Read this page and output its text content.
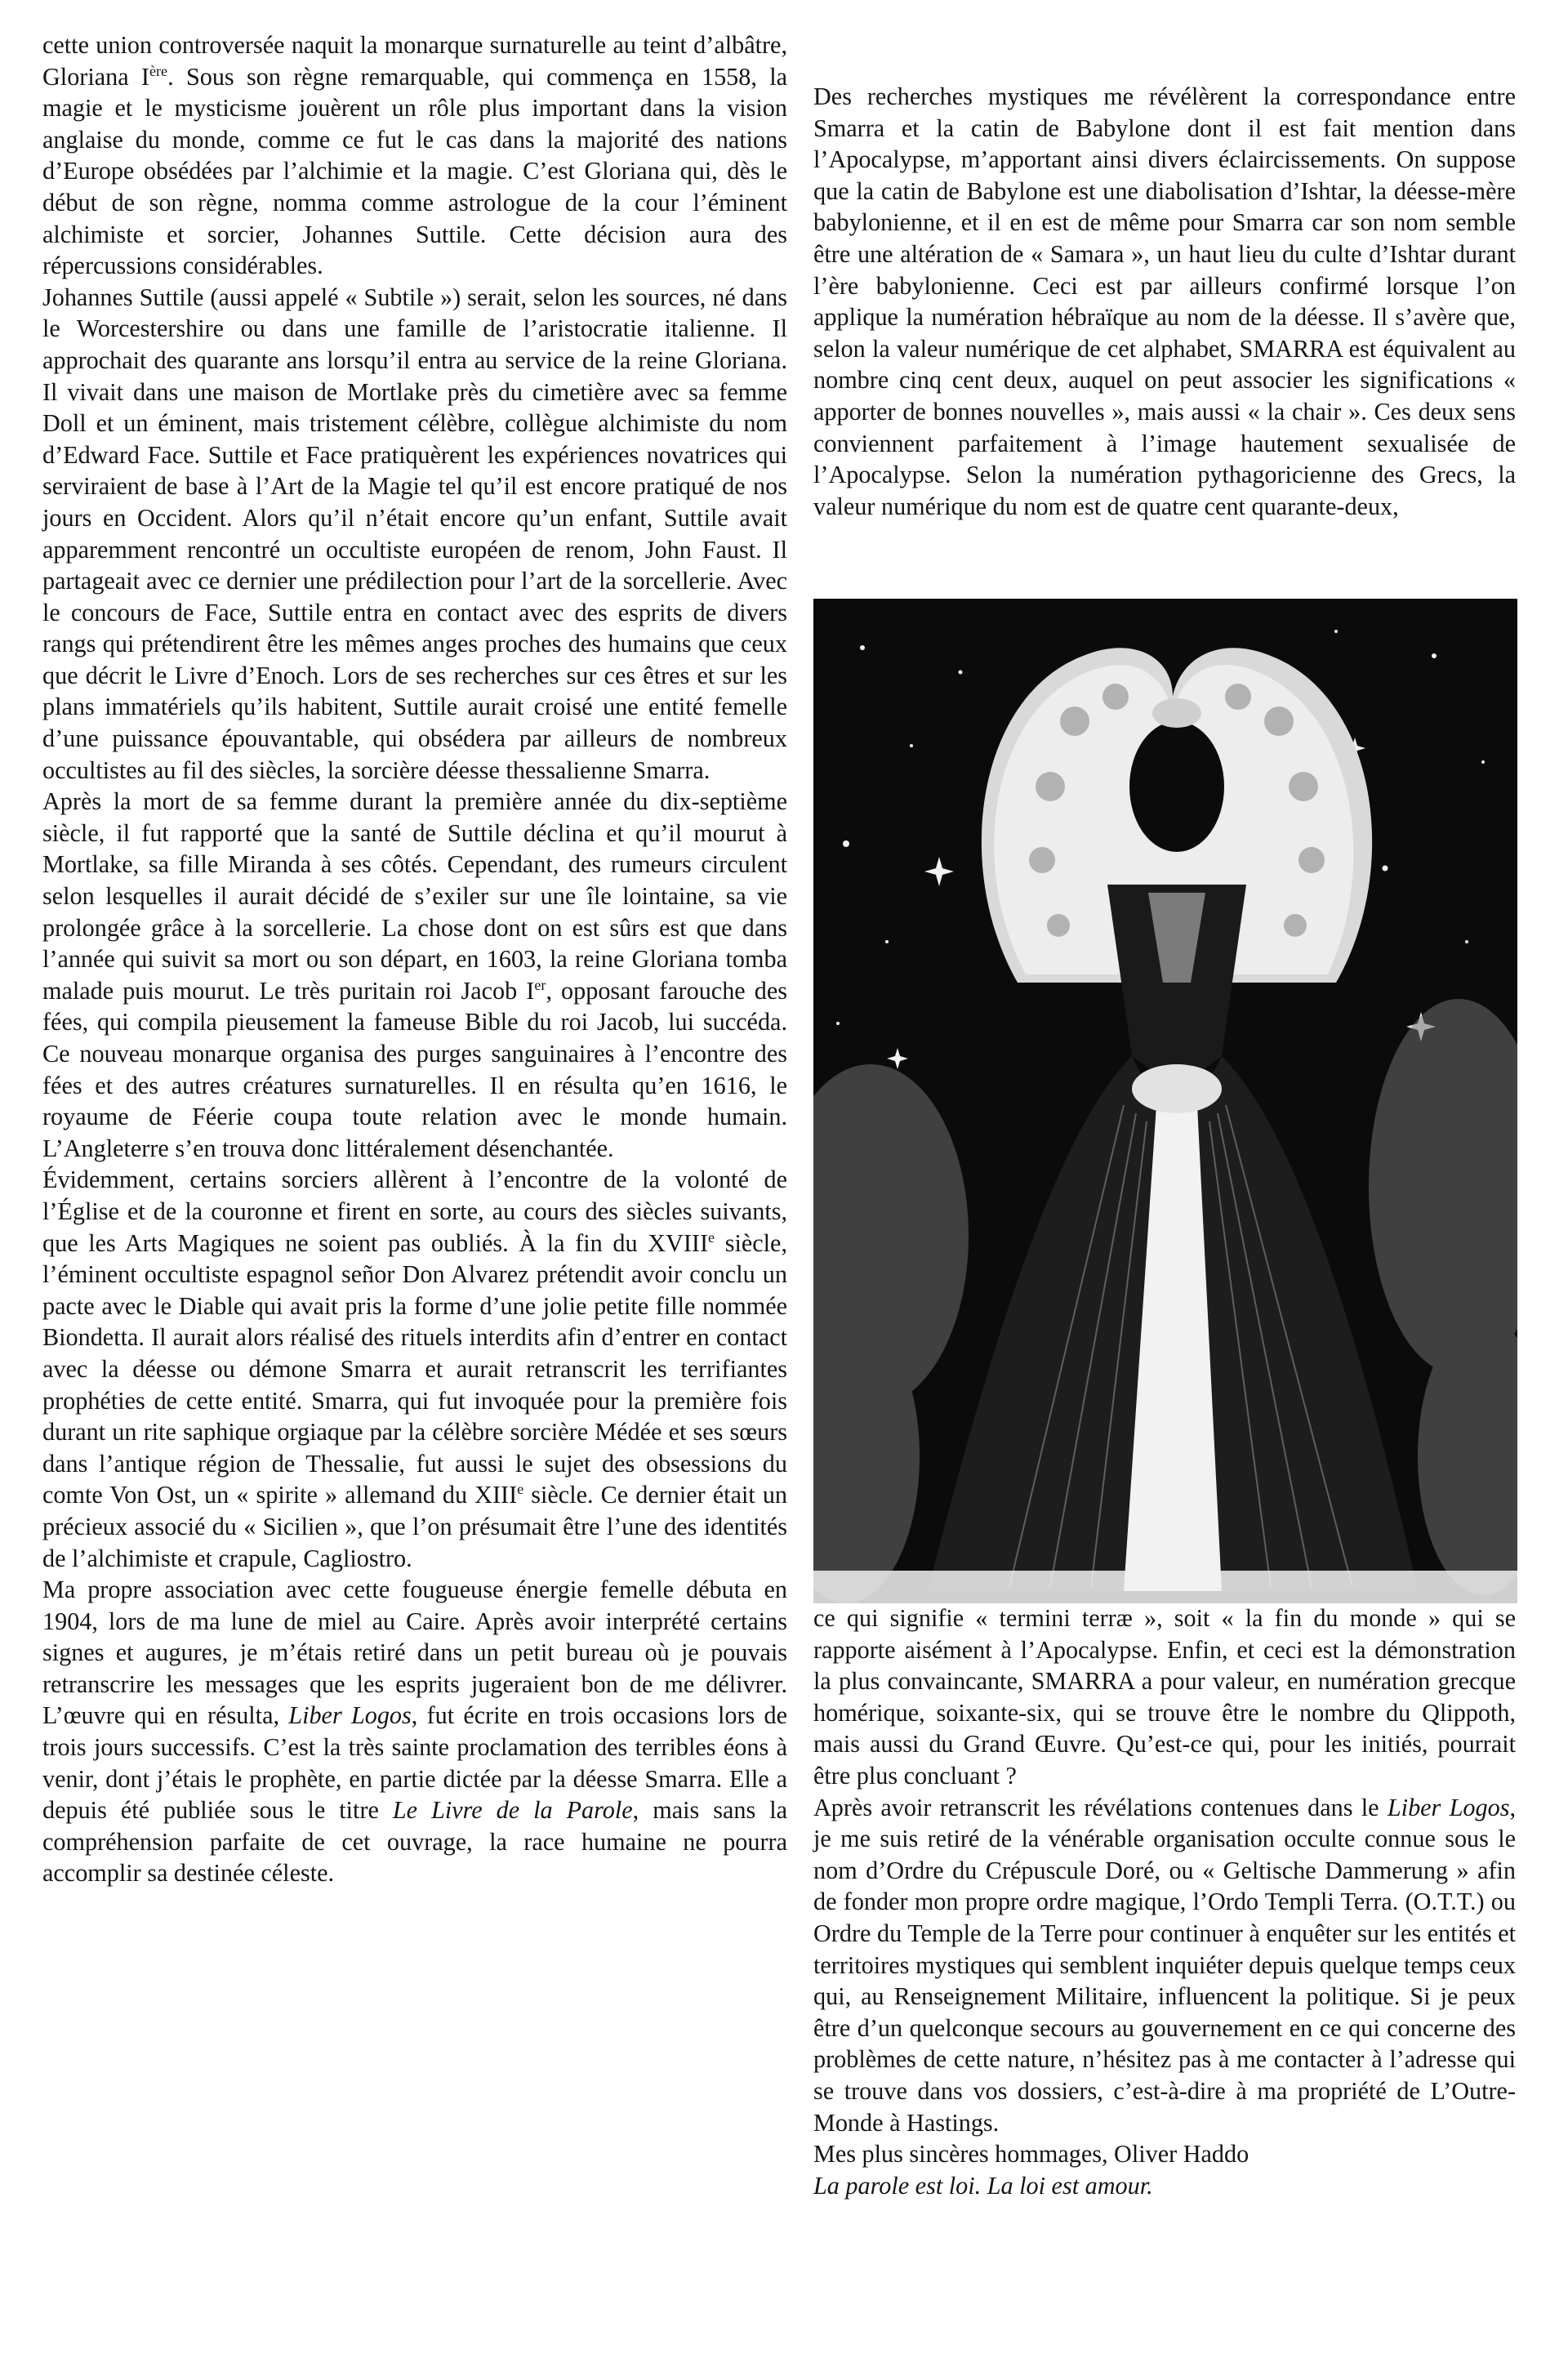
cette union controversée naquit la monarque surnaturelle au teint d’albâtre, Gloriana Ière. Sous son règne remarquable, qui commença en 1558, la magie et le mysticisme jouèrent un rôle plus important dans la vision anglaise du monde, comme ce fut le cas dans la majorité des nations d’Europe obsédées par l’alchimie et la magie. C’est Gloriana qui, dès le début de son règne, nomma comme astrologue de la cour l’éminent alchimiste et sorcier, Johannes Suttile. Cette décision aura des répercussions considérables.

Johannes Suttile (aussi appelé « Subtile ») serait, selon les sources, né dans le Worcestershire ou dans une famille de l’aristocratie italienne. Il approchait des quarante ans lorsqu’il entra au service de la reine Gloriana. Il vivait dans une maison de Mortlake près du cimetière avec sa femme Doll et un éminent, mais tristement célèbre, collègue alchimiste du nom d’Edward Face. Suttile et Face pratiquèrent les expériences novatrices qui serviraient de base à l’Art de la Magie tel qu’il est encore pratiqué de nos jours en Occident. Alors qu’il n’était encore qu’un enfant, Suttile avait apparemment rencontré un occultiste européen de renom, John Faust. Il partageait avec ce dernier une prédilection pour l’art de la sorcellerie. Avec le concours de Face, Suttile entra en contact avec des esprits de divers rangs qui prétendirent être les mêmes anges proches des humains que ceux que décrit le Livre d’Enoch. Lors de ses recherches sur ces êtres et sur les plans immatériels qu’ils habitent, Suttile aurait croisé une entité femelle d’une puissance épouvantable, qui obsédera par ailleurs de nombreux occultistes au fil des siècles, la sorcière déesse thessalienne Smarra.

Après la mort de sa femme durant la première année du dix-septième siècle, il fut rapporté que la santé de Suttile déclina et qu’il mourut à Mortlake, sa fille Miranda à ses côtés. Cependant, des rumeurs circulent selon lesquelles il aurait décidé de s’exiler sur une île lointaine, sa vie prolongée grâce à la sorcellerie. La chose dont on est sûrs est que dans l’année qui suivit sa mort ou son départ, en 1603, la reine Gloriana tomba malade puis mourut. Le très puritain roi Jacob Ier, opposant farouche des fées, qui compila pieusement la fameuse Bible du roi Jacob, lui succéda. Ce nouveau monarque organisa des purges sanguinaires à l’encontre des fées et des autres créatures surnaturelles. Il en résulta qu’en 1616, le royaume de Féerie coupa toute relation avec le monde humain. L’Angleterre s’en trouva donc littéralement désenchantée.

Évidemment, certains sorciers allèrent à l’encontre de la volonté de l’Église et de la couronne et firent en sorte, au cours des siècles suivants, que les Arts Magiques ne soient pas oubliés. À la fin du XVIIIe siècle, l’éminent occultiste espagnol señor Don Alvarez prétendit avoir conclu un pacte avec le Diable qui avait pris la forme d’une jolie petite fille nommée Biondetta. Il aurait alors réalisé des rituels interdits afin d’entrer en contact avec la déesse ou démone Smarra et aurait retranscrit les terrifiantes prophéties de cette entité. Smarra, qui fut invoquée pour la première fois durant un rite saphique orgiaque par la célèbre sorcière Médée et ses sœurs dans l’antique région de Thessalie, fut aussi le sujet des obsessions du comte Von Ost, un « spirite » allemand du XIIIe siècle. Ce dernier était un précieux associé du « Sicilien », que l’on présumait être l’une des identités de l’alchimiste et crapule, Cagliostro.

Ma propre association avec cette fougueuse énergie femelle débuta en 1904, lors de ma lune de miel au Caire. Après avoir interprété certains signes et augures, je m’étais retiré dans un petit bureau où je pouvais retranscrire les messages que les esprits jugeraient bon de me délivrer. L’œuvre qui en résulta, Liber Logos, fut écrite en trois occasions lors de trois jours successifs. C’est la très sainte proclamation des terribles éons à venir, dont j’étais le prophète, en partie dictée par la déesse Smarra. Elle a depuis été publiée sous le titre Le Livre de la Parole, mais sans la compréhension parfaite de cet ouvrage, la race humaine ne pourra accomplir sa destinée céleste.

Des recherches mystiques me révélèrent la correspondance entre Smarra et la catin de Babylone dont il est fait mention dans l’Apocalypse, m’apportant ainsi divers éclaircissements. On suppose que la catin de Babylone est une diabolisation d’Ishtar, la déesse-mère babylonienne, et il en est de même pour Smarra car son nom semble être une altération de « Samara », un haut lieu du culte d’Ishtar durant l’ère babylonienne. Ceci est par ailleurs confirmé lorsque l’on applique la numération hébraïque au nom de la déesse. Il s’avère que, selon la valeur numérique de cet alphabet, SMARRA est équivalent au nombre cinq cent deux, auquel on peut associer les significations « apporter de bonnes nouvelles », mais aussi « la chair ». Ces deux sens conviennent parfaitement à l’image hautement sexualisée de l’Apocalypse. Selon la numération pythagoricienne des Grecs, la valeur numérique du nom est de quatre cent quarante-deux,

ce qui signifie « termini terræ », soit « la fin du monde » qui se rapporte aisément à l’Apocalypse. Enfin, et ceci est la démonstration la plus convaincante, SMARRA a pour valeur, en numération grecque homérique, soixante-six, qui se trouve être le nombre du Qlippoth, mais aussi du Grand Œuvre. Qu’est-ce qui, pour les initiés, pourrait être plus concluant ?

Après avoir retranscrit les révélations contenues dans le Liber Logos, je me suis retiré de la vénérable organisation occulte connue sous le nom d’Ordre du Crépuscule Doré, ou « Geltische Dammerung » afin de fonder mon propre ordre magique, l’Ordo Templi Terra. (O.T.T.) ou Ordre du Temple de la Terre pour continuer à enquêter sur les entités et territoires mystiques qui semblent inquiéter depuis quelque temps ceux qui, au Renseignement Militaire, influencent la politique. Si je peux être d’un quelconque secours au gouvernement en ce qui concerne des problèmes de cette nature, n’hésitez pas à me contacter à l’adresse qui se trouve dans vos dossiers, c’est-à-dire à ma propriété de L’Outre-Monde à Hastings.

Mes plus sincères hommages, Oliver Haddo

La parole est loi. La loi est amour.
